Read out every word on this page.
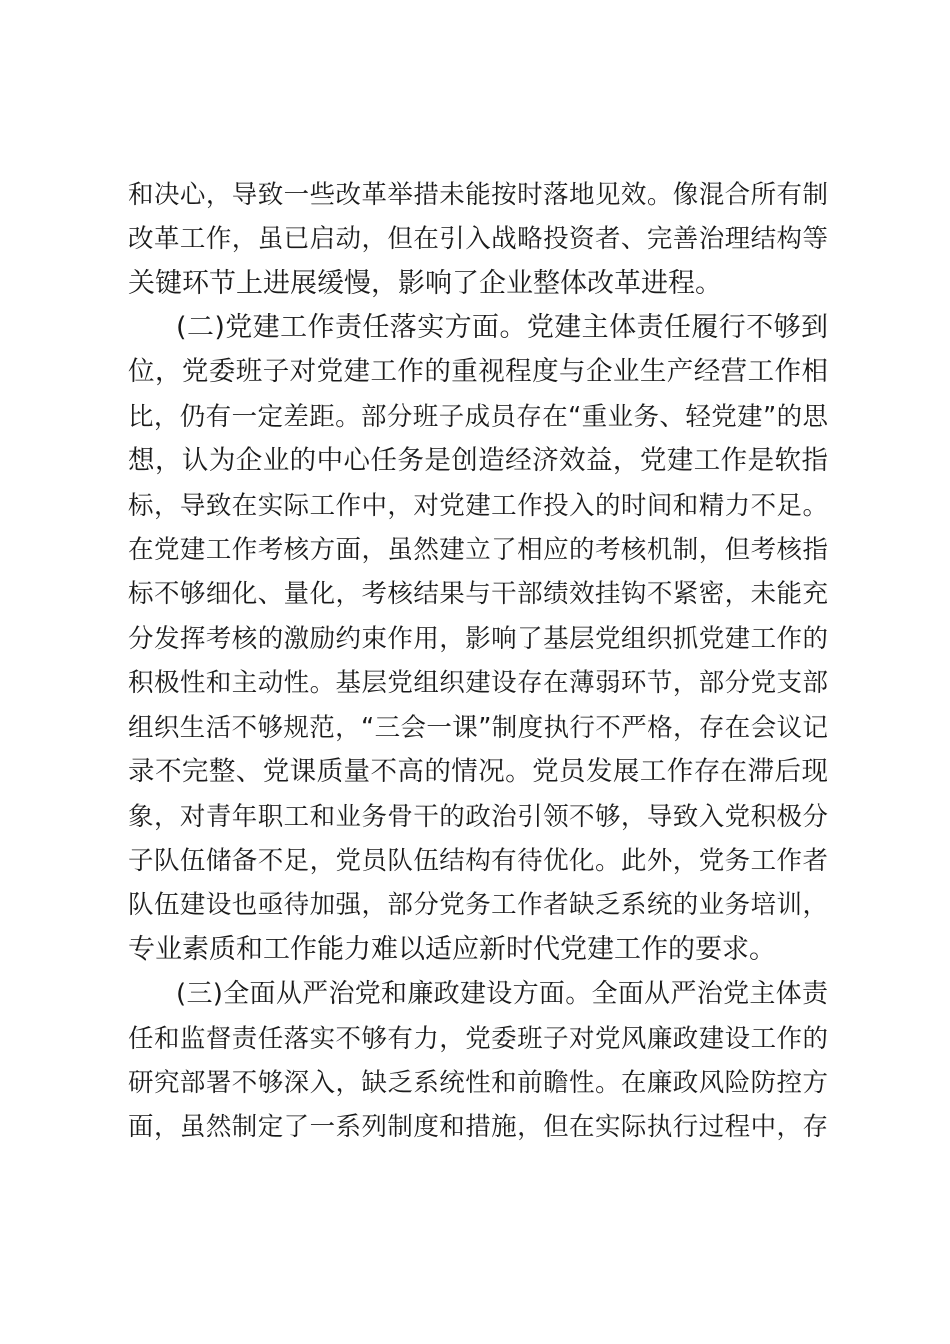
和决心，导致一些改革举措未能按时落地见效。像混合所有制
改革工作，虽已启动，但在引入战略投资者、完善治理结构等
关键环节上进展缓慢，影响了企业整体改革进程。
(二)党建工作责任落实方面。党建主体责任履行不够到
位，党委班子对党建工作的重视程度与企业生产经营工作相
比，仍有一定差距。部分班子成员存在“重业务、轻党建”的思
想，认为企业的中心任务是创造经济效益，党建工作是软指
标，导致在实际工作中，对党建工作投入的时间和精力不足。
在党建工作考核方面，虽然建立了相应的考核机制，但考核指
标不够细化、量化，考核结果与干部绩效挂钩不紧密，未能充
分发挥考核的激励约束作用，影响了基层党组织抓党建工作的
积极性和主动性。基层党组织建设存在薄弱环节，部分党支部
组织生活不够规范，“三会一课”制度执行不严格，存在会议记
录不完整、党课质量不高的情况。党员发展工作存在滞后现
象，对青年职工和业务骨干的政治引领不够，导致入党积极分
子队伍储备不足，党员队伍结构有待优化。此外，党务工作者
队伍建设也亟待加强，部分党务工作者缺乏系统的业务培训，
专业素质和工作能力难以适应新时代党建工作的要求。
(三)全面从严治党和廉政建设方面。全面从严治党主体责
任和监督责任落实不够有力，党委班子对党风廉政建设工作的
研究部署不够深入，缺乏系统性和前瞻性。在廉政风险防控方
面，虽然制定了一系列制度和措施，但在实际执行过程中，存
